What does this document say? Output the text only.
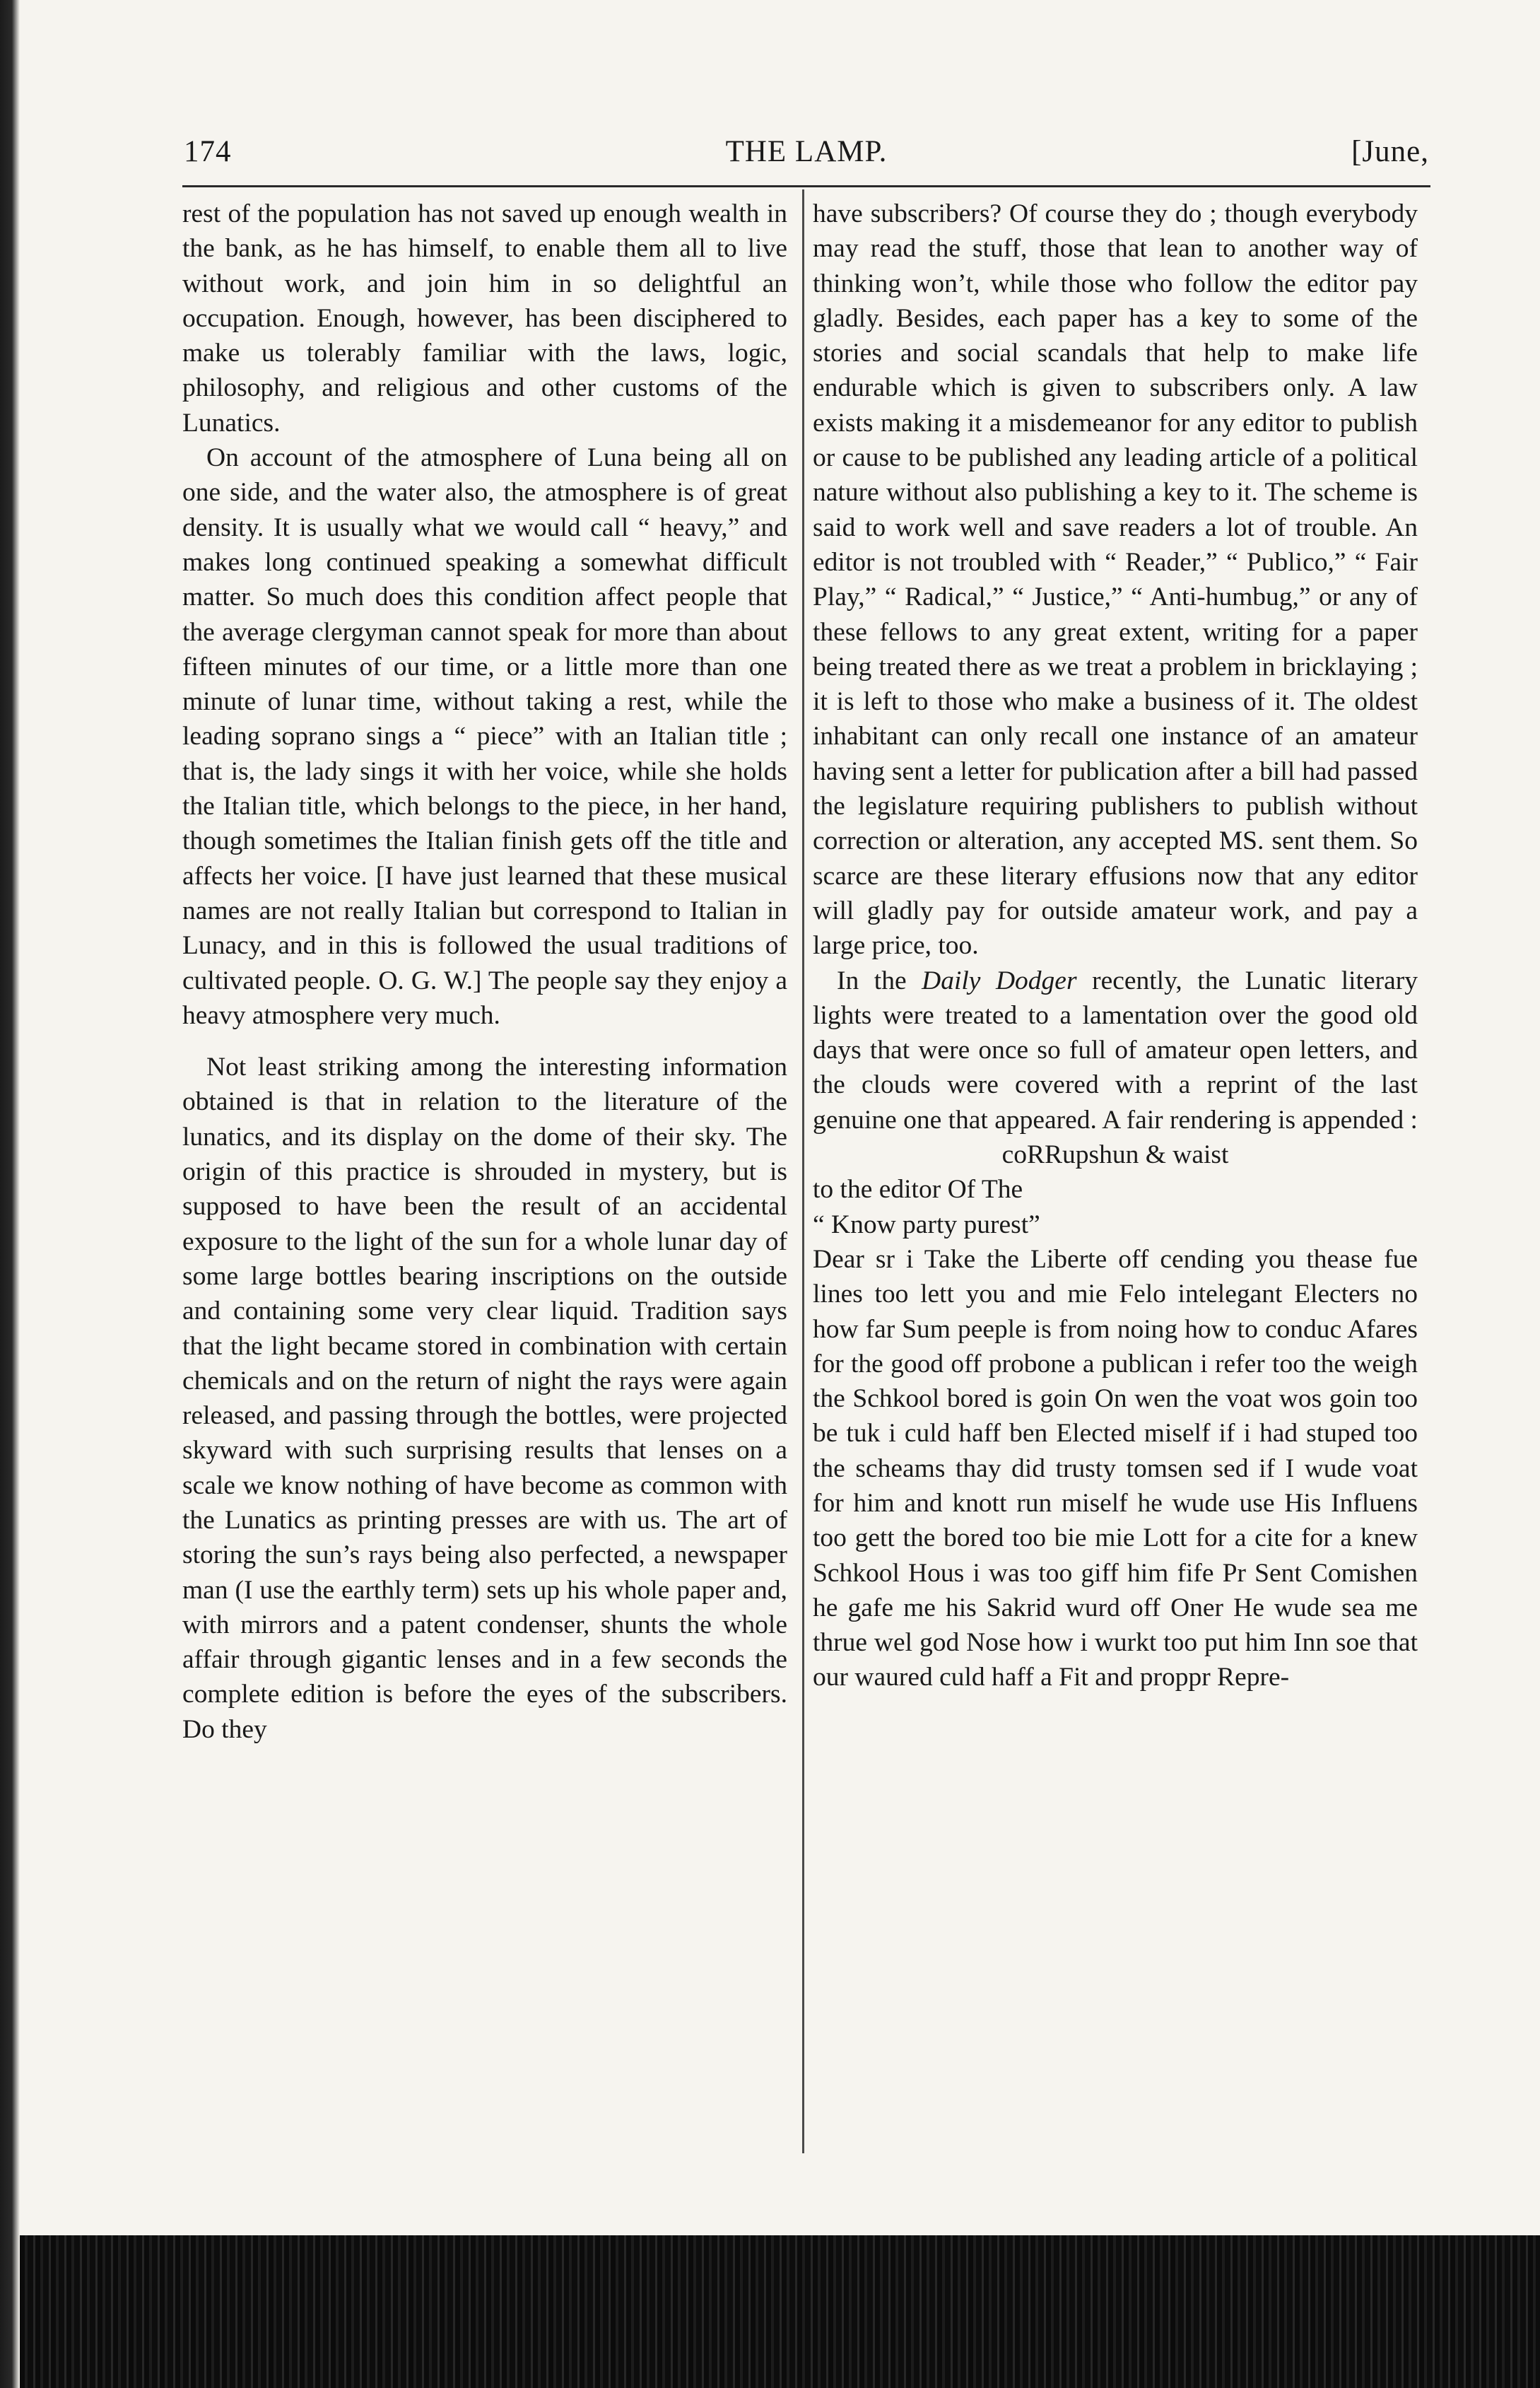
174	THE LAMP.	[June,

rest of the population has not saved up enough wealth in the bank, as he has himself, to enable them all to live without work, and join him in so delightful an occupation. Enough, however, has been disciphered to make us tolerably familiar with the laws, logic, philosophy, and religious and other customs of the Lunatics.

On account of the atmosphere of Luna being all on one side, and the water also, the atmosphere is of great density. It is usually what we would call “ heavy,” and makes long continued speaking a somewhat difficult matter. So much does this condition affect people that the average clergyman cannot speak for more than about fifteen minutes of our time, or a little more than one minute of lunar time, without taking a rest, while the leading soprano sings a “ piece” with an Italian title ; that is, the lady sings it with her voice, while she holds the Italian title, which belongs to the piece, in her hand, though sometimes the Italian finish gets off the title and affects her voice. [I have just learned that these musical names are not really Italian but correspond to Italian in Lunacy, and in this is followed the usual traditions of cultivated people. O. G. W.] The people say they enjoy a heavy atmosphere very much.

Not least striking among the interesting information obtained is that in relation to the literature of the lunatics, and its display on the dome of their sky. The origin of this practice is shrouded in mystery, but is supposed to have been the result of an accidental exposure to the light of the sun for a whole lunar day of some large bottles bearing inscriptions on the outside and containing some very clear liquid. Tradition says that the light became stored in combination with certain chemicals and on the return of night the rays were again released, and passing through the bottles, were projected skyward with such surprising results that lenses on a scale we know nothing of have become as common with the Lunatics as printing presses are with us. The art of storing the sun’s rays being also perfected, a newspaper man (I use the earthly term) sets up his whole paper and, with mirrors and a patent condenser, shunts the whole affair through gigantic lenses and in a few seconds the complete edition is before the eyes of the subscribers. Do they

have subscribers? Of course they do ; though everybody may read the stuff, those that lean to another way of thinking won’t, while those who follow the editor pay gladly. Besides, each paper has a key to some of the stories and social scandals that help to make life endurable which is given to subscribers only. A law exists making it a misdemeanor for any editor to publish or cause to be published any leading article of a political nature without also publishing a key to it. The scheme is said to work well and save readers a lot of trouble. An editor is not troubled with “ Reader,” “ Publico,” “ Fair Play,” “ Radical,” “ Justice,” “ Anti-humbug,” or any of these fellows to any great extent, writing for a paper being treated there as we treat a problem in bricklaying ; it is left to those who make a business of it. The oldest inhabitant can only recall one instance of an amateur having sent a letter for publication after a bill had passed the legislature requiring publishers to publish without correction or alteration, any accepted MS. sent them. So scarce are these literary effusions now that any editor will gladly pay for outside amateur work, and pay a large price, too.

In the Daily Dodger recently, the Lunatic literary lights were treated to a lamentation over the good old days that were once so full of amateur open letters, and the clouds were covered with a reprint of the last genuine one that appeared. A fair rendering is appended :

coRRupshun & waist

to the editor Of The

“ Know party purest”

Dear sr i Take the Liberte off cending you thease fue lines too lett you and mie Felo intelegant Electers no how far Sum peeple is from noing how to conduc Afares for the good off probone a publican i refer too the weigh the Schkool bored is goin On wen the voat wos goin too be tuk i culd haff ben Elected miself if i had stuped too the scheams thay did trusty tomsen sed if I wude voat for him and knott run miself he wude use His Influens too gett the bored too bie mie Lott for a cite for a knew Schkool Hous i was too giff him fife Pr Sent Comishen he gafe me his Sakrid wurd off Oner He wude sea me thrue wel god Nose how i wurkt too put him Inn soe that our waured culd haff a Fit and proppr Repre-
